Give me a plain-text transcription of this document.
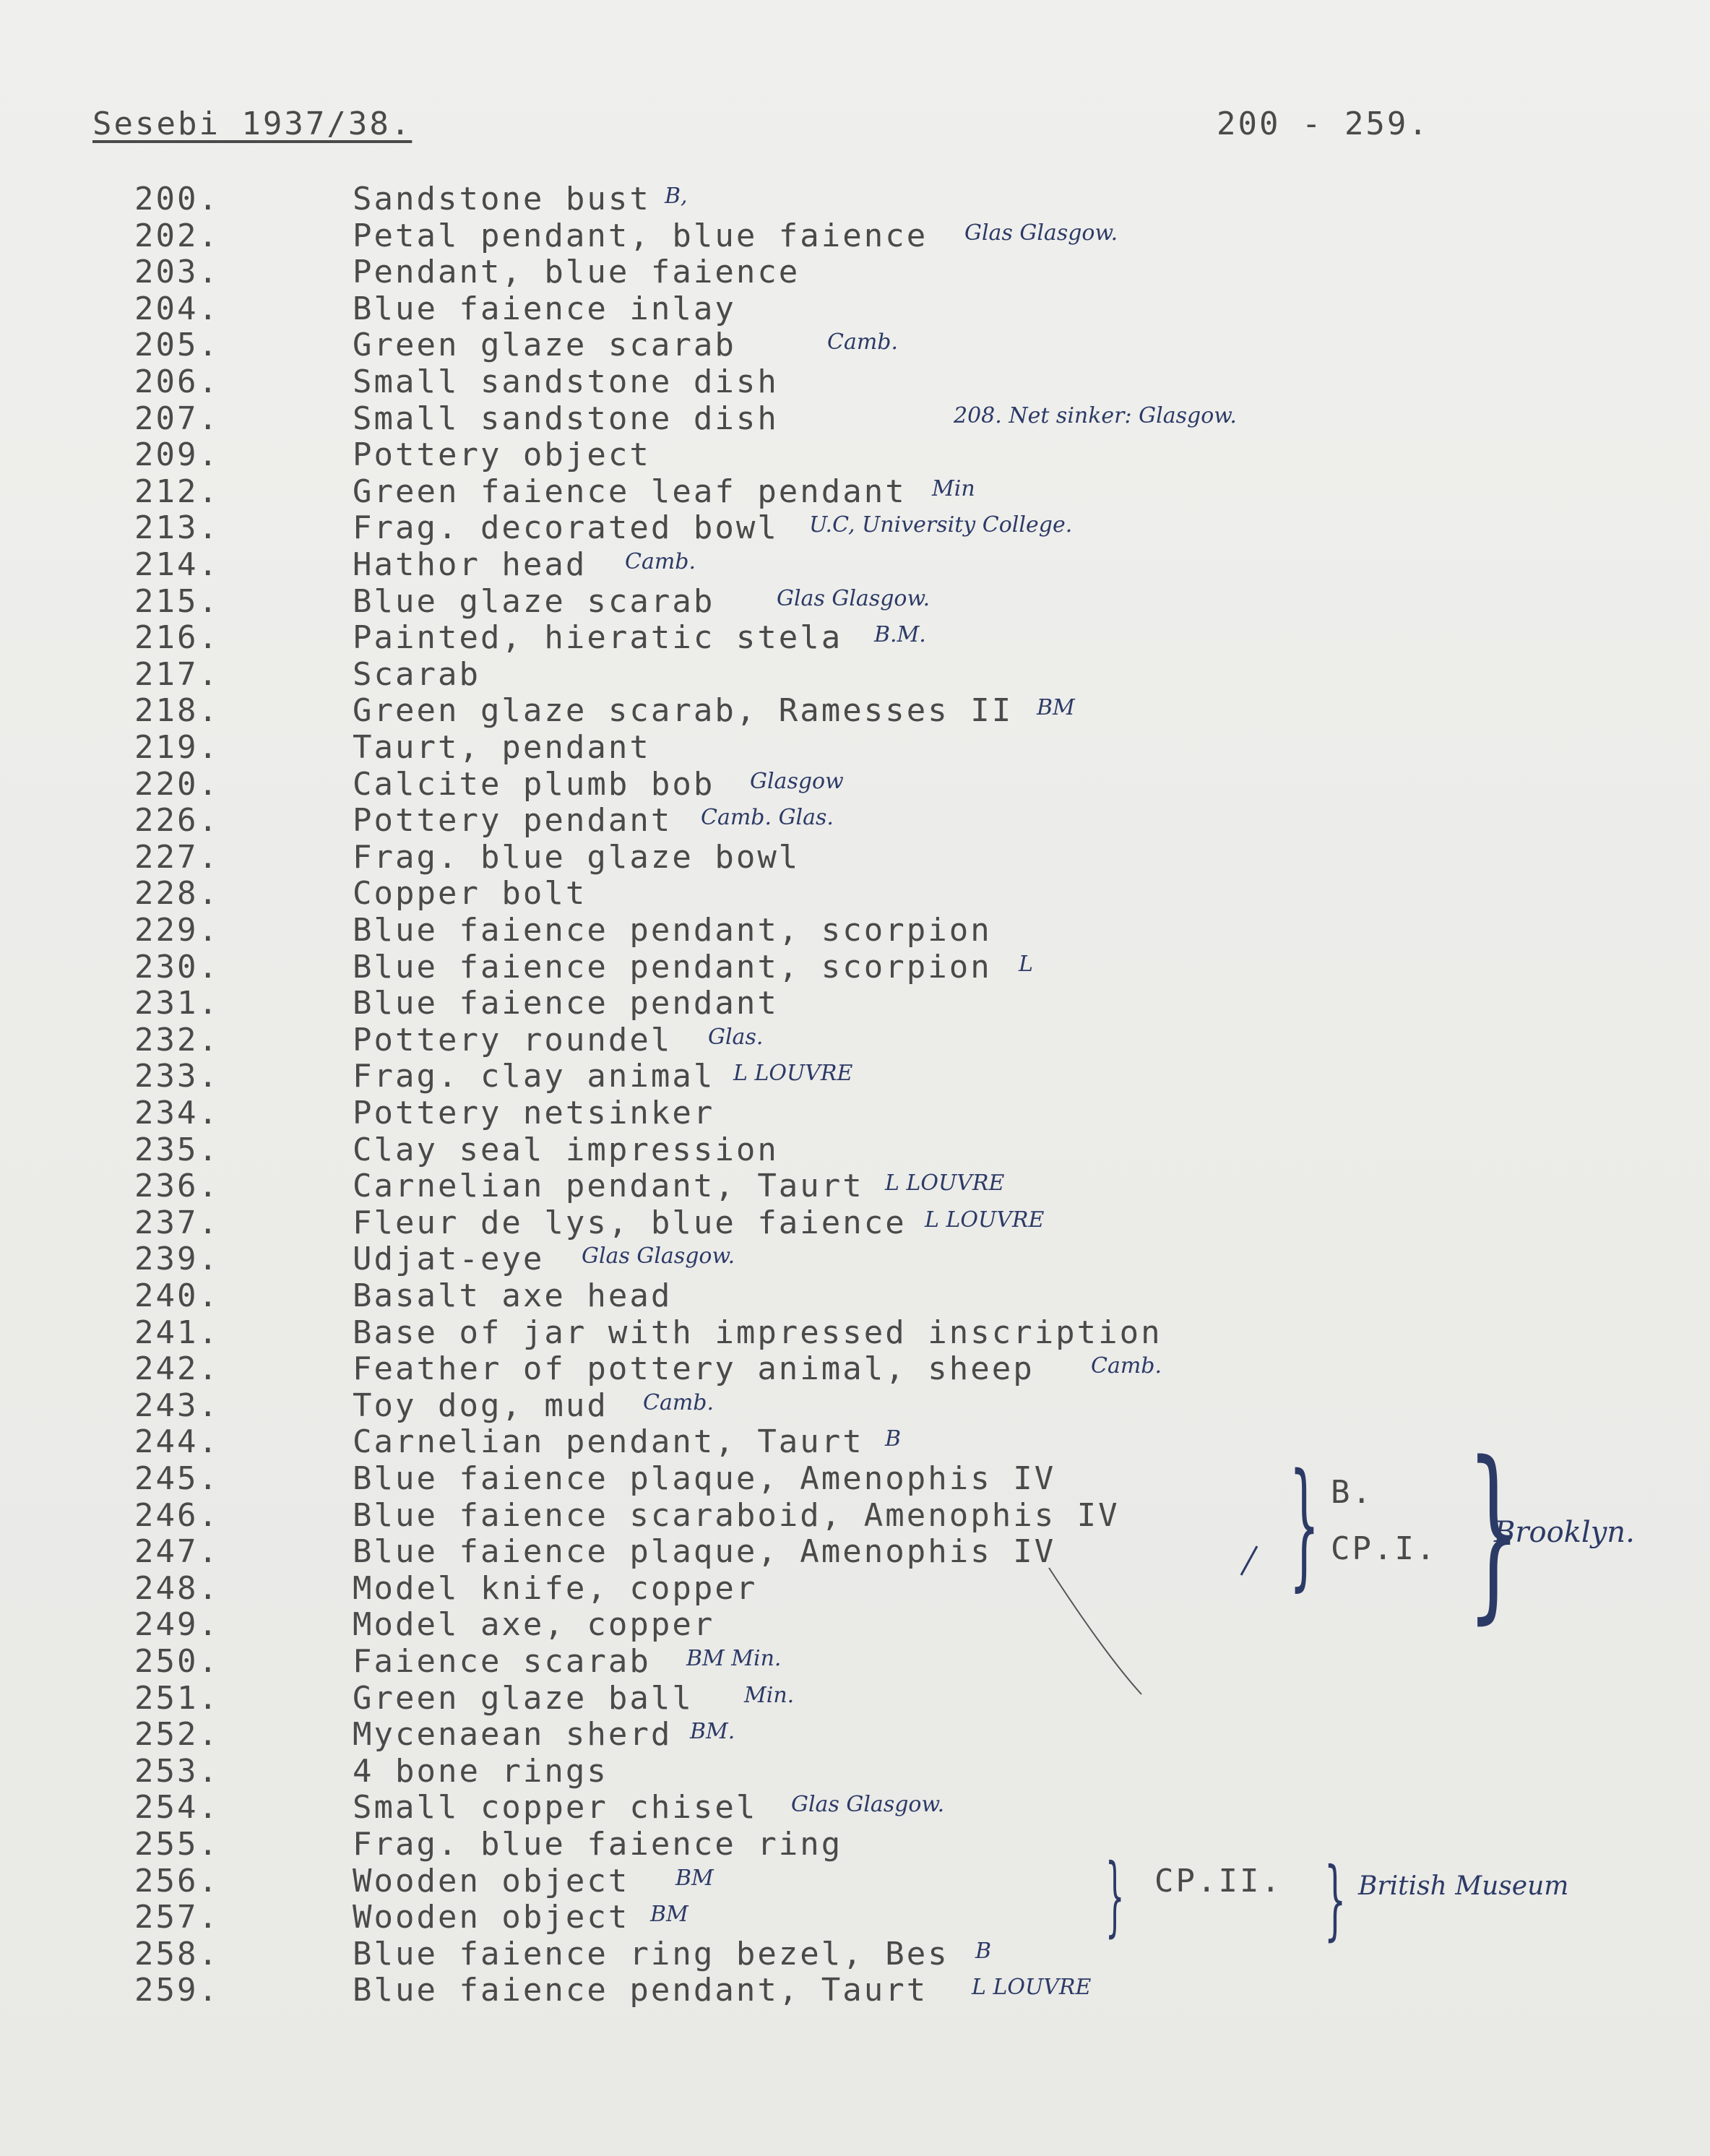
Sesebi 1937/38.	200 - 259.
200.	Sandstone bust B,
202.	Petal pendant, blue faience Glas Glasgow.
203.	Pendant, blue faience
204.	Blue faience inlay
205.	Green glaze scarab	Camb.
206.	Small sandstone dish
207.	Small sandstone dish	208. Net sinker: Glasgow.
209.	Pottery object
212.	Green faience leaf pendant Min
213.	Frag. decorated bowl U.C, University College.
214.	Hathor head Camb.
215.	Blue glaze scarab	Glas Glasgow.
216.	Painted, hieratic stela B.M.
217.	Scarab
218.	Green glaze scarab, Ramesses II BM
219.	Taurt, pendant
220.	Calcite plumb bob Glasgow
226.	Pottery pendant Camb. Glas.
227.	Frag. blue glaze bowl
228.	Copper bolt
229.	Blue faience pendant, scorpion
230.	Blue faience pendant, scorpion L
231.	Blue faience pendant
232.	Pottery roundel Glas.
233.	Frag. clay animal L LOUVRE
234.	Pottery netsinker
235.	Clay seal impression
236.	Carnelian pendant, Taurt L LOUVRE
237.	Fleur de lys, blue faience L LOUVRE
239.	Udjat-eye Glas Glasgow.
240.	Basalt axe head
241.	Base of jar with impressed inscription
242.	Feather of pottery animal, sheep	Camb.
243.	Toy dog, mud Camb.
244.	Carnelian pendant, Taurt B
245.	Blue faience plaque, Amenophis IV
246.	Blue faience scaraboid, Amenophis IV
247.	Blue faience plaque, Amenophis IV
248.	Model knife, copper
249.	Model axe, copper
250.	Faience scarab BM Min.
251.	Green glaze ball Min.
252.	Mycenaean sherd BM.
253.	4 bone rings
254.	Small copper chisel Glas Glasgow.
255.	Frag. blue faience ring
256.	Wooden object BM
257.	Wooden object BM
258.	Blue faience ring bezel, Bes B
259.	Blue faience pendant, Taurt L LOUVRE
} B.
CP.I. }
Brooklyn.
} CP.II. } British Museum
